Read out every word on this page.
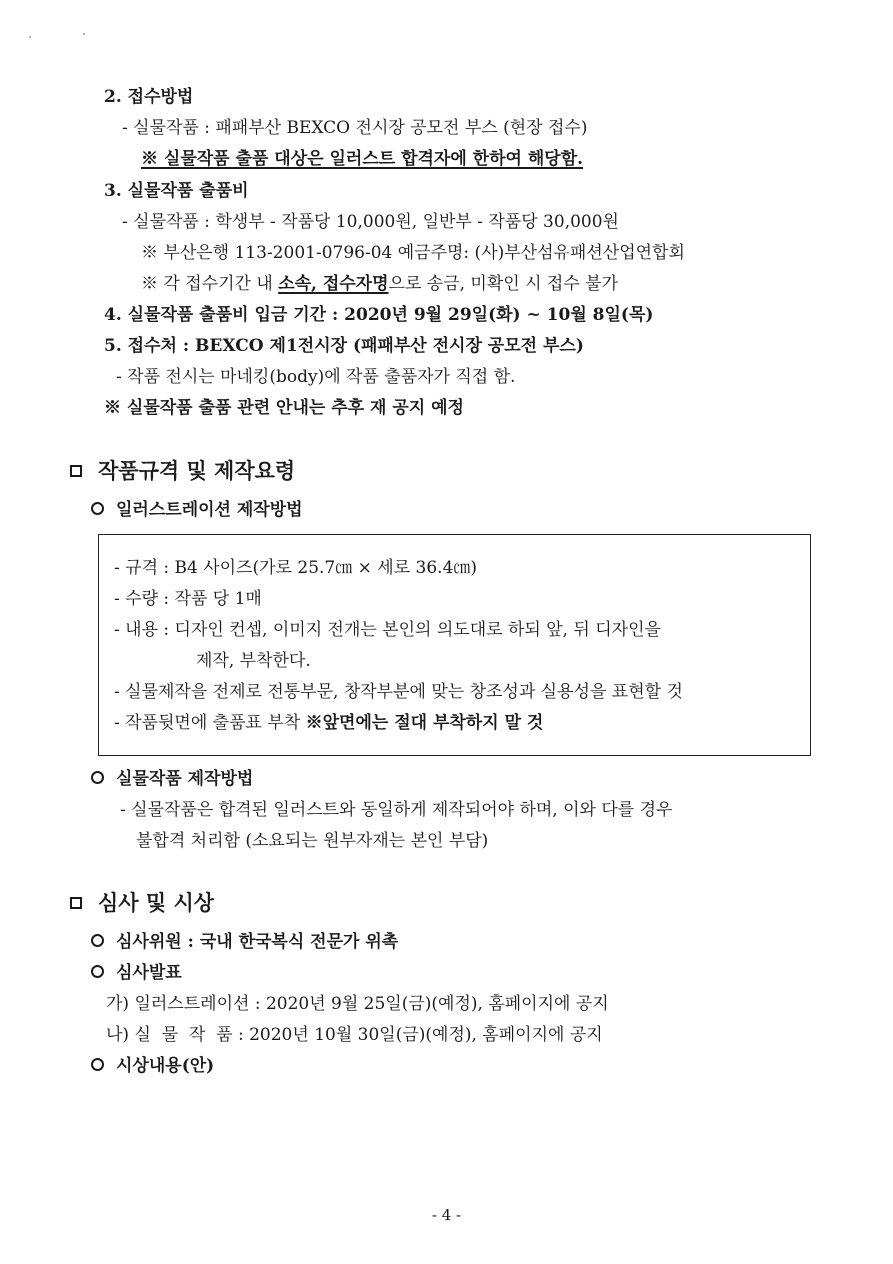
2. 접수방법
- 실물작품 : 패패부산 BEXCO 전시장 공모전 부스 (현장 접수)
※ 실물작품 출품 대상은 일러스트 합격자에 한하여 해당함.
3. 실물작품 출품비
- 실물작품 : 학생부 - 작품당 10,000원, 일반부 - 작품당 30,000원
※ 부산은행 113-2001-0796-04 예금주명: (사)부산섬유패션산업연합회
※ 각 접수기간 내 소속, 접수자명으로 송금, 미확인 시 접수 불가
4. 실물작품 출품비 입금 기간 : 2020년 9월 29일(화) ~ 10월 8일(목)
5. 접수처 : BEXCO 제1전시장 (패패부산 전시장 공모전 부스)
- 작품 전시는 마네킹(body)에 작품 출품자가 직접 함.
※ 실물작품 출품 관련 안내는 추후 재 공지 예정
작품규격 및 제작요령
일러스트레이션 제작방법
- 규격 : B4 사이즈(가로 25.7㎝ × 세로 36.4㎝)
- 수량 : 작품 당 1매
- 내용 : 디자인 컨셉, 이미지 전개는 본인의 의도대로 하되 앞, 뒤 디자인을
제작, 부착한다.
- 실물제작을 전제로 전통부문, 창작부분에 맞는 창조성과 실용성을 표현할 것
- 작품뒷면에 출품표 부착 ※앞면에는 절대 부착하지 말 것
실물작품 제작방법
- 실물작품은 합격된 일러스트와 동일하게 제작되어야 하며, 이와 다를 경우
불합격 처리함 (소요되는 원부자재는 본인 부담)
심사 및 시상
심사위원 : 국내 한국복식 전문가 위촉
심사발표
가) 일러스트레이션 : 2020년 9월 25일(금)(예정), 홈페이지에 공지
나) 실  물  작  품 : 2020년 10월 30일(금)(예정), 홈페이지에 공지
시상내용(안)
- 4 -
